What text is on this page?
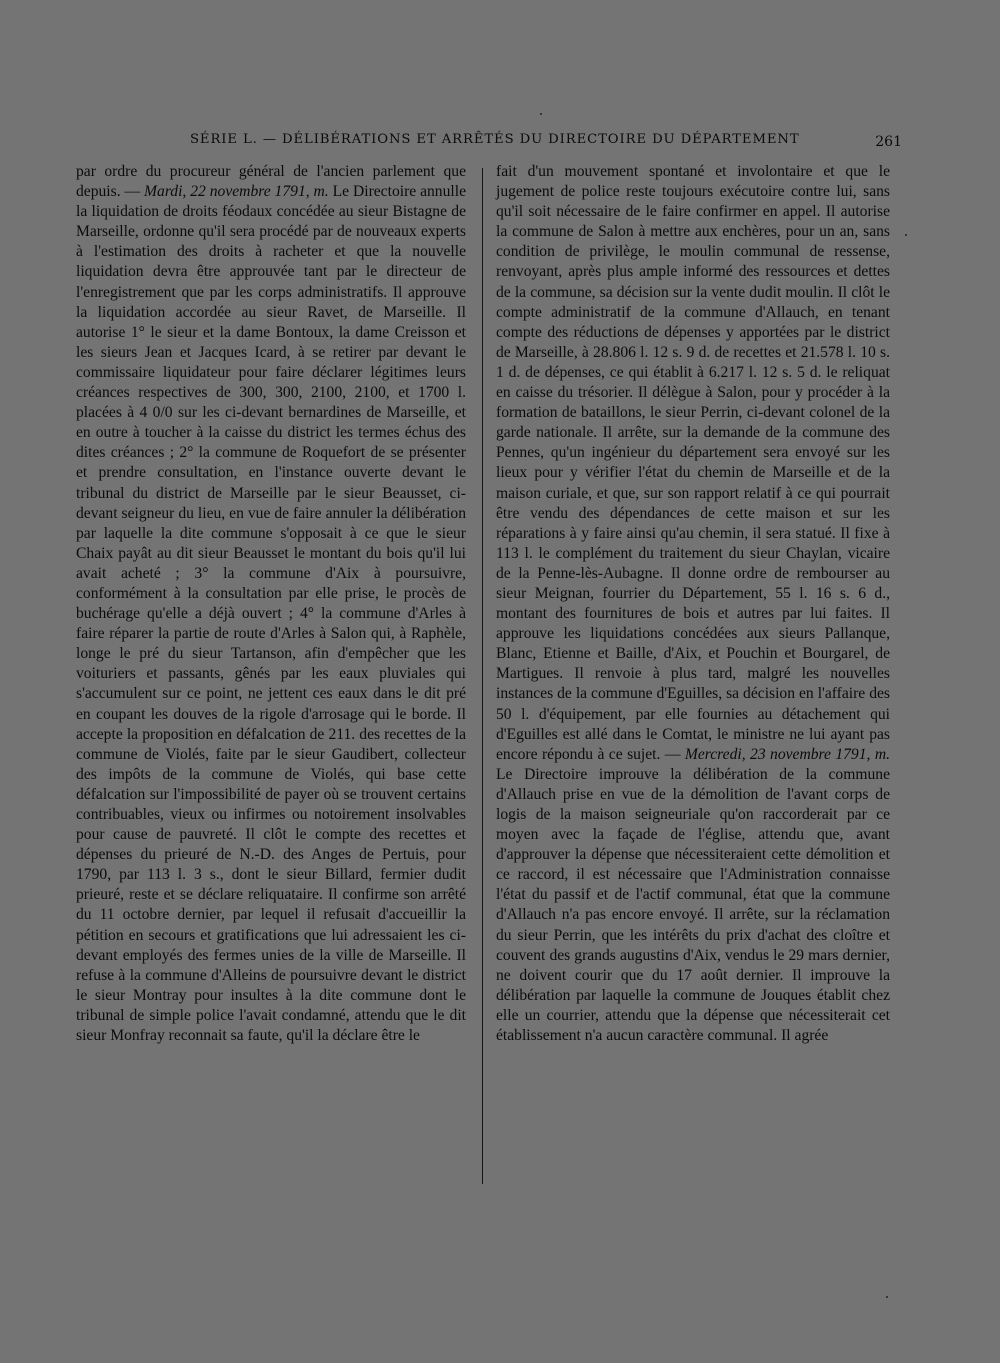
SÉRIE L. — DÉLIBÉRATIONS ET ARRÊTÉS DU DIRECTOIRE DU DÉPARTEMENT	261

par ordre du procureur général de l'ancien parlement que depuis. — Mardi, 22 novembre 1791, m. Le Directoire annulle la liquidation de droits féodaux concédée au sieur Bistagne de Marseille, ordonne qu'il sera procédé par de nouveaux experts à l'estimation des droits à racheter et que la nouvelle liquidation devra être approuvée tant par le directeur de l'enregistrement que par les corps administratifs. Il approuve la liquidation accordée au sieur Ravet, de Marseille. Il autorise 1° le sieur et la dame Bontoux, la dame Creisson et les sieurs Jean et Jacques Icard, à se retirer par devant le commissaire liquidateur pour faire déclarer légitimes leurs créances respectives de 300, 300, 2100, 2100, et 1700 l. placées à 4 0/0 sur les ci-devant bernardines de Marseille, et en outre à toucher à la caisse du district les termes échus des dites créances ; 2° la commune de Roquefort de se présenter et prendre consultation, en l'instance ouverte devant le tribunal du district de Marseille par le sieur Beausset, ci-devant seigneur du lieu, en vue de faire annuler la délibération par laquelle la dite commune s'opposait à ce que le sieur Chaix payât au dit sieur Beausset le montant du bois qu'il lui avait acheté ; 3° la commune d'Aix à poursuivre, conformément à la consultation par elle prise, le procès de buchérage qu'elle a déjà ouvert ; 4° la commune d'Arles à faire réparer la partie de route d'Arles à Salon qui, à Raphèle, longe le pré du sieur Tartanson, afin d'empêcher que les voituriers et passants, gênés par les eaux pluviales qui s'accumulent sur ce point, ne jettent ces eaux dans le dit pré en coupant les douves de la rigole d'arrosage qui le borde. Il accepte la proposition en défalcation de 211. des recettes de la commune de Violés, faite par le sieur Gaudibert, collecteur des impôts de la commune de Violés, qui base cette défalcation sur l'impossibilité de payer où se trouvent certains contribuables, vieux ou infirmes ou notoirement insolvables pour cause de pauvreté. Il clôt le compte des recettes et dépenses du prieuré de N.-D. des Anges de Pertuis, pour 1790, par 113 l. 3 s., dont le sieur Billard, fermier dudit prieuré, reste et se déclare reliquataire. Il confirme son arrêté du 11 octobre dernier, par lequel il refusait d'accueillir la pétition en secours et gratifications que lui adressaient les ci-devant employés des fermes unies de la ville de Marseille. Il refuse à la commune d'Alleins de poursuivre devant le district le sieur Montray pour insultes à la dite commune dont le tribunal de simple police l'avait condamné, attendu que le dit sieur Monfray reconnait sa faute, qu'il la déclare être le

fait d'un mouvement spontané et involontaire et que le jugement de police reste toujours exécutoire contre lui, sans qu'il soit nécessaire de le faire confirmer en appel. Il autorise la commune de Salon à mettre aux enchères, pour un an, sans condition de privilège, le moulin communal de ressense, renvoyant, après plus ample informé des ressources et dettes de la commune, sa décision sur la vente dudit moulin. Il clôt le compte administratif de la commune d'Allauch, en tenant compte des réductions de dépenses y apportées par le district de Marseille, à 28.806 l. 12 s. 9 d. de recettes et 21.578 l. 10 s. 1 d. de dépenses, ce qui établit à 6.217 l. 12 s. 5 d. le reliquat en caisse du trésorier. Il délègue à Salon, pour y procéder à la formation de bataillons, le sieur Perrin, ci-devant colonel de la garde nationale. Il arrête, sur la demande de la commune des Pennes, qu'un ingénieur du département sera envoyé sur les lieux pour y vérifier l'état du chemin de Marseille et de la maison curiale, et que, sur son rapport relatif à ce qui pourrait être vendu des dépendances de cette maison et sur les réparations à y faire ainsi qu'au chemin, il sera statué. Il fixe à 113 l. le complément du traitement du sieur Chaylan, vicaire de la Penne-lès-Aubagne. Il donne ordre de rembourser au sieur Meignan, fourrier du Département, 55 l. 16 s. 6 d., montant des fournitures de bois et autres par lui faites. Il approuve les liquidations concédées aux sieurs Pallanque, Blanc, Etienne et Baille, d'Aix, et Pouchin et Bourgarel, de Martigues. Il renvoie à plus tard, malgré les nouvelles instances de la commune d'Eguilles, sa décision en l'affaire des 50 l. d'équipement, par elle fournies au détachement qui d'Eguilles est allé dans le Comtat, le ministre ne lui ayant pas encore répondu à ce sujet. — Mercredi, 23 novembre 1791, m. Le Directoire improuve la délibération de la commune d'Allauch prise en vue de la démolition de l'avant corps de logis de la maison seigneuriale qu'on raccorderait par ce moyen avec la façade de l'église, attendu que, avant d'approuver la dépense que nécessiteraient cette démolition et ce raccord, il est nécessaire que l'Administration connaisse l'état du passif et de l'actif communal, état que la commune d'Allauch n'a pas encore envoyé. Il arrête, sur la réclamation du sieur Perrin, que les intérêts du prix d'achat des cloître et couvent des grands augustins d'Aix, vendus le 29 mars dernier, ne doivent courir que du 17 août dernier. Il improuve la délibération par laquelle la commune de Jouques établit chez elle un courrier, attendu que la dépense que nécessiterait cet établissement n'a aucun caractère communal. Il agrée
